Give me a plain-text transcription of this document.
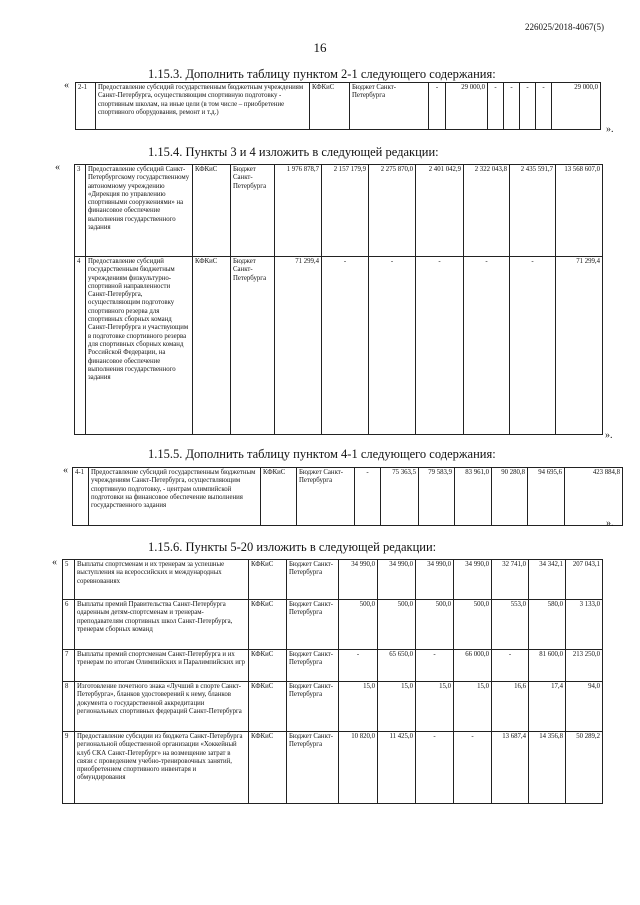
226025/2018-4067(5)
16
1.15.3. Дополнить таблицу пунктом 2-1 следующего содержания:
« 2-1	Предоставление субсидий государственным бюджетным учреждениям Санкт-Петербурга, осуществляющим спортивную подготовку - спортивным школам, на иные цели (в том числе – приобретение спортивного оборудования, ремонт и т.д.)	КФКиС	Бюджет Санкт-Петербурга	-	29 000,0	-	-	-	-	29 000,0
».
1.15.4. Пункты 3 и 4 изложить в следующей редакции:
«	3	Предоставление субсидий Санкт-Петербургскому государственному автономному учреждению «Дирекция по управлению спортивными сооружениями» на финансовое обеспечение выполнения государственного задания	КФКиС	Бюджет Санкт-Петербурга	1 976 878,7	2 157 179,9	2 275 870,0	2 401 042,9	2 322 043,8	2 435 591,7	13 568 607,0
4	Предоставление субсидий государственным бюджетным учреждениям физкультурно-спортивной направленности Санкт-Петербурга, осуществляющим подготовку спортивного резерва для спортивных сборных команд Санкт-Петербурга и участвующим в подготовке спортивного резерва для спортивных сборных команд Российской Федерации, на финансовое обеспечение выполнения государственного задания	КФКиС	Бюджет Санкт-Петербурга	71 299,4	-	-	-	-	-	71 299,4
».
1.15.5. Дополнить таблицу пунктом 4-1 следующего содержания:
« 4-1	Предоставление субсидий государственным бюджетным учреждениям Санкт-Петербурга, осуществляющим спортивную подготовку, - центрам олимпийской подготовки на финансовое обеспечение выполнения государственного задания	КФКиС	Бюджет Санкт-Петербурга	-	75 363,5	79 583,9	83 961,0	90 280,8	94 695,6	423 884,8
».
1.15.6. Пункты 5-20 изложить в следующей редакции:
« 5	Выплаты спортсменам и их тренерам за успешные выступления на всероссийских и международных соревнованиях	КФКиС	Бюджет Санкт-Петербурга	34 990,0	34 990,0	34 990,0	34 990,0	32 741,0	34 342,1	207 043,1
6	Выплаты премий Правительства Санкт-Петербурга одаренным детям-спортсменам и тренерам-преподавателям спортивных школ Санкт-Петербурга, тренерам сборных команд	КФКиС	Бюджет Санкт-Петербурга	500,0	500,0	500,0	500,0	553,0	580,0	3 133,0
7	Выплаты премий спортсменам Санкт-Петербурга и их тренерам по итогам Олимпийских и Паралимпийских игр	КФКиС	Бюджет Санкт-Петербурга	-	65 650,0	-	66 000,0	-	81 600,0	213 250,0
8	Изготовление почетного знака «Лучший в спорте Санкт-Петербурга», бланков удостоверений к нему, бланков документа о государственной аккредитации региональных спортивных федераций Санкт-Петербурга	КФКиС	Бюджет Санкт-Петербурга	15,0	15,0	15,0	15,0	16,6	17,4	94,0
9	Предоставление субсидии из бюджета Санкт-Петербурга региональной общественной организации «Хоккейный клуб СКА Санкт-Петербург» на возмещение затрат в связи с проведением учебно-тренировочных занятий, приобретением спортивного инвентаря и обмундирования	КФКиС	Бюджет Санкт-Петербурга	10 820,0	11 425,0	-	-	13 687,4	14 356,8	50 289,2
